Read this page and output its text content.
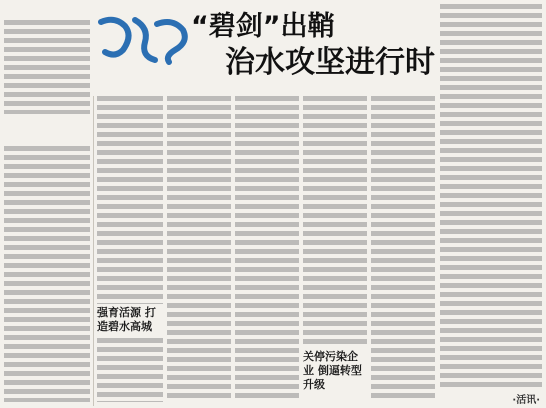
“碧剑”出鞘
治水攻坚进行时
强育活源 打造碧水高城
关停污染企业 倒逼转型升级
·活讯·
